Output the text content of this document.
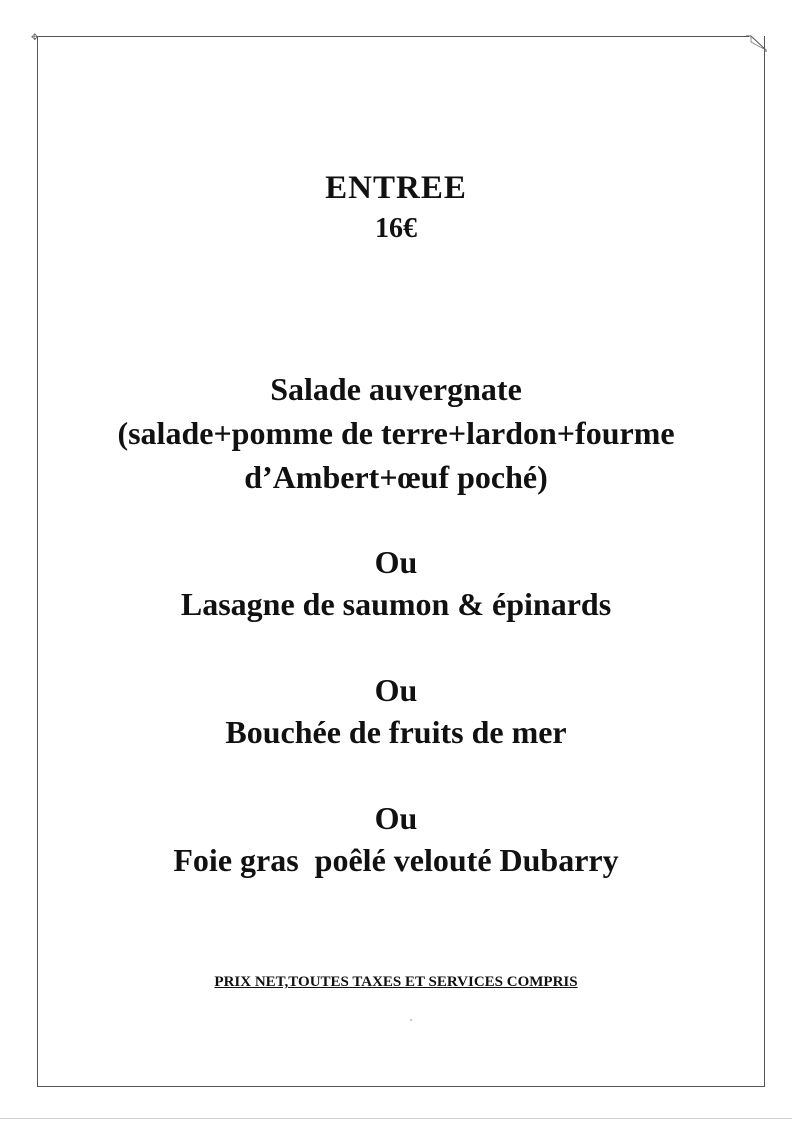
✥
ENTREE
16€
Salade auvergnate
(salade+pomme de terre+lardon+fourme
d’Ambert+œuf poché)
Ou
Lasagne de saumon & épinards
Ou
Bouchée de fruits de mer
Ou
Foie gras  poêlé velouté Dubarry
PRIX NET,TOUTES TAXES ET SERVICES COMPRIS
